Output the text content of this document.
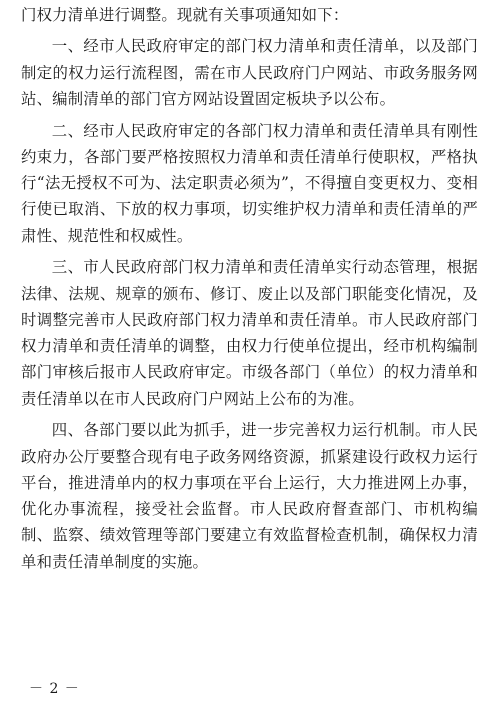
门权力清单进行调整。现就有关事项通知如下：

一、经市人民政府审定的部门权力清单和责任清单，以及部门制定的权力运行流程图，需在市人民政府门户网站、市政务服务网站、编制清单的部门官方网站设置固定板块予以公布。

二、经市人民政府审定的各部门权力清单和责任清单具有刚性约束力，各部门要严格按照权力清单和责任清单行使职权，严格执行“法无授权不可为、法定职责必须为”，不得擅自变更权力、变相行使已取消、下放的权力事项，切实维护权力清单和责任清单的严肃性、规范性和权威性。

三、市人民政府部门权力清单和责任清单实行动态管理，根据法律、法规、规章的颁布、修订、废止以及部门职能变化情况，及时调整完善市人民政府部门权力清单和责任清单。市人民政府部门权力清单和责任清单的调整，由权力行使单位提出，经市机构编制部门审核后报市人民政府审定。市级各部门（单位）的权力清单和责任清单以在市人民政府门户网站上公布的为准。

四、各部门要以此为抓手，进一步完善权力运行机制。市人民政府办公厅要整合现有电子政务网络资源，抓紧建设行政权力运行平台，推进清单内的权力事项在平台上运行，大力推进网上办事，优化办事流程，接受社会监督。市人民政府督查部门、市机构编制、监察、绩效管理等部门要建立有效监督检查机制，确保权力清单和责任清单制度的实施。

－ 2 －
